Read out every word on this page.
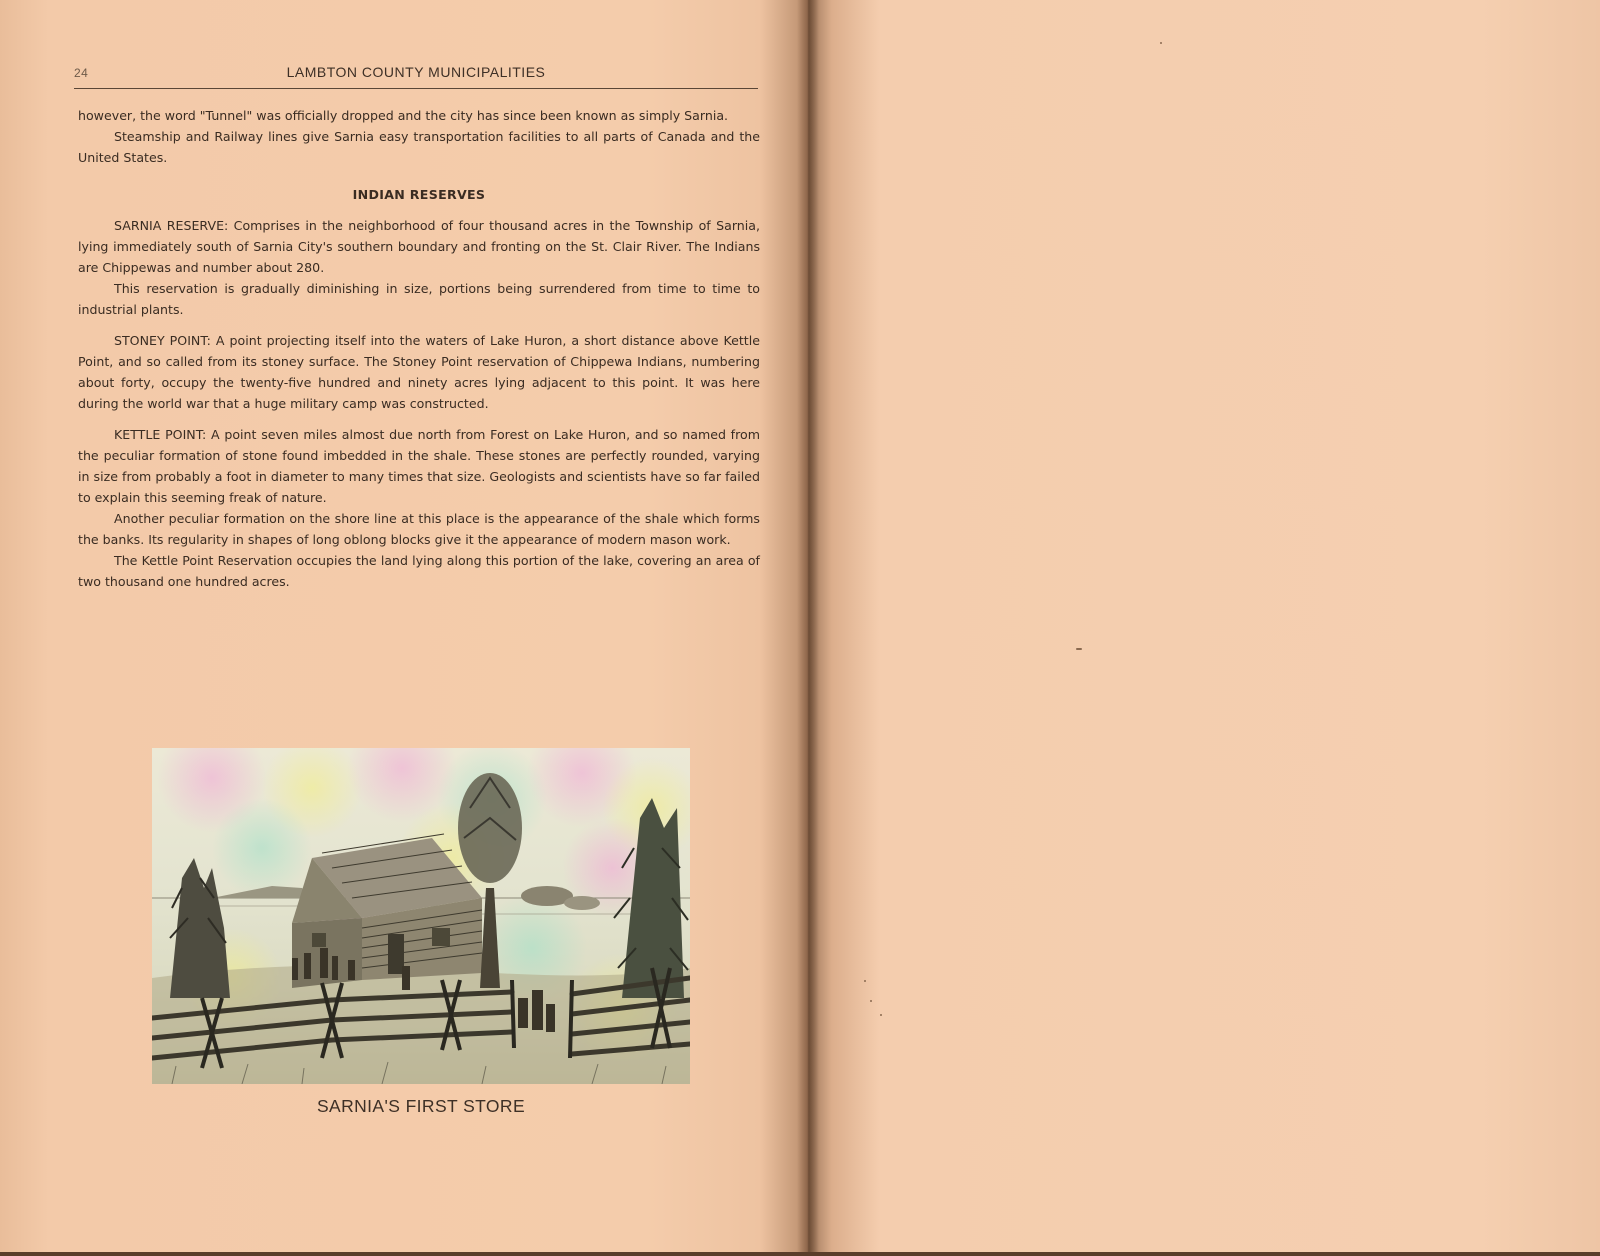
24	LAMBTON COUNTY MUNICIPALITIES

however, the word "Tunnel" was officially dropped and the city has since been known as simply Sarnia.

Steamship and Railway lines give Sarnia easy transportation facilities to all parts of Canada and the United States.

INDIAN RESERVES

SARNIA RESERVE: Comprises in the neighborhood of four thousand acres in the Township of Sarnia, lying immediately south of Sarnia City's southern boundary and fronting on the St. Clair River. The Indians are Chippewas and number about 280.

This reservation is gradually diminishing in size, portions being surrendered from time to time to industrial plants.

STONEY POINT: A point projecting itself into the waters of Lake Huron, a short distance above Kettle Point, and so called from its stoney surface. The Stoney Point reservation of Chippewa Indians, numbering about forty, occupy the twenty-five hundred and ninety acres lying adjacent to this point. It was here during the world war that a huge military camp was constructed.

KETTLE POINT: A point seven miles almost due north from Forest on Lake Huron, and so named from the peculiar formation of stone found imbedded in the shale. These stones are perfectly rounded, varying in size from probably a foot in diameter to many times that size. Geologists and scientists have so far failed to explain this seeming freak of nature.

Another peculiar formation on the shore line at this place is the appearance of the shale which forms the banks. Its regularity in shapes of long oblong blocks give it the appearance of modern mason work.

The Kettle Point Reservation occupies the land lying along this portion of the lake, covering an area of two thousand one hundred acres.

SARNIA'S FIRST STORE
